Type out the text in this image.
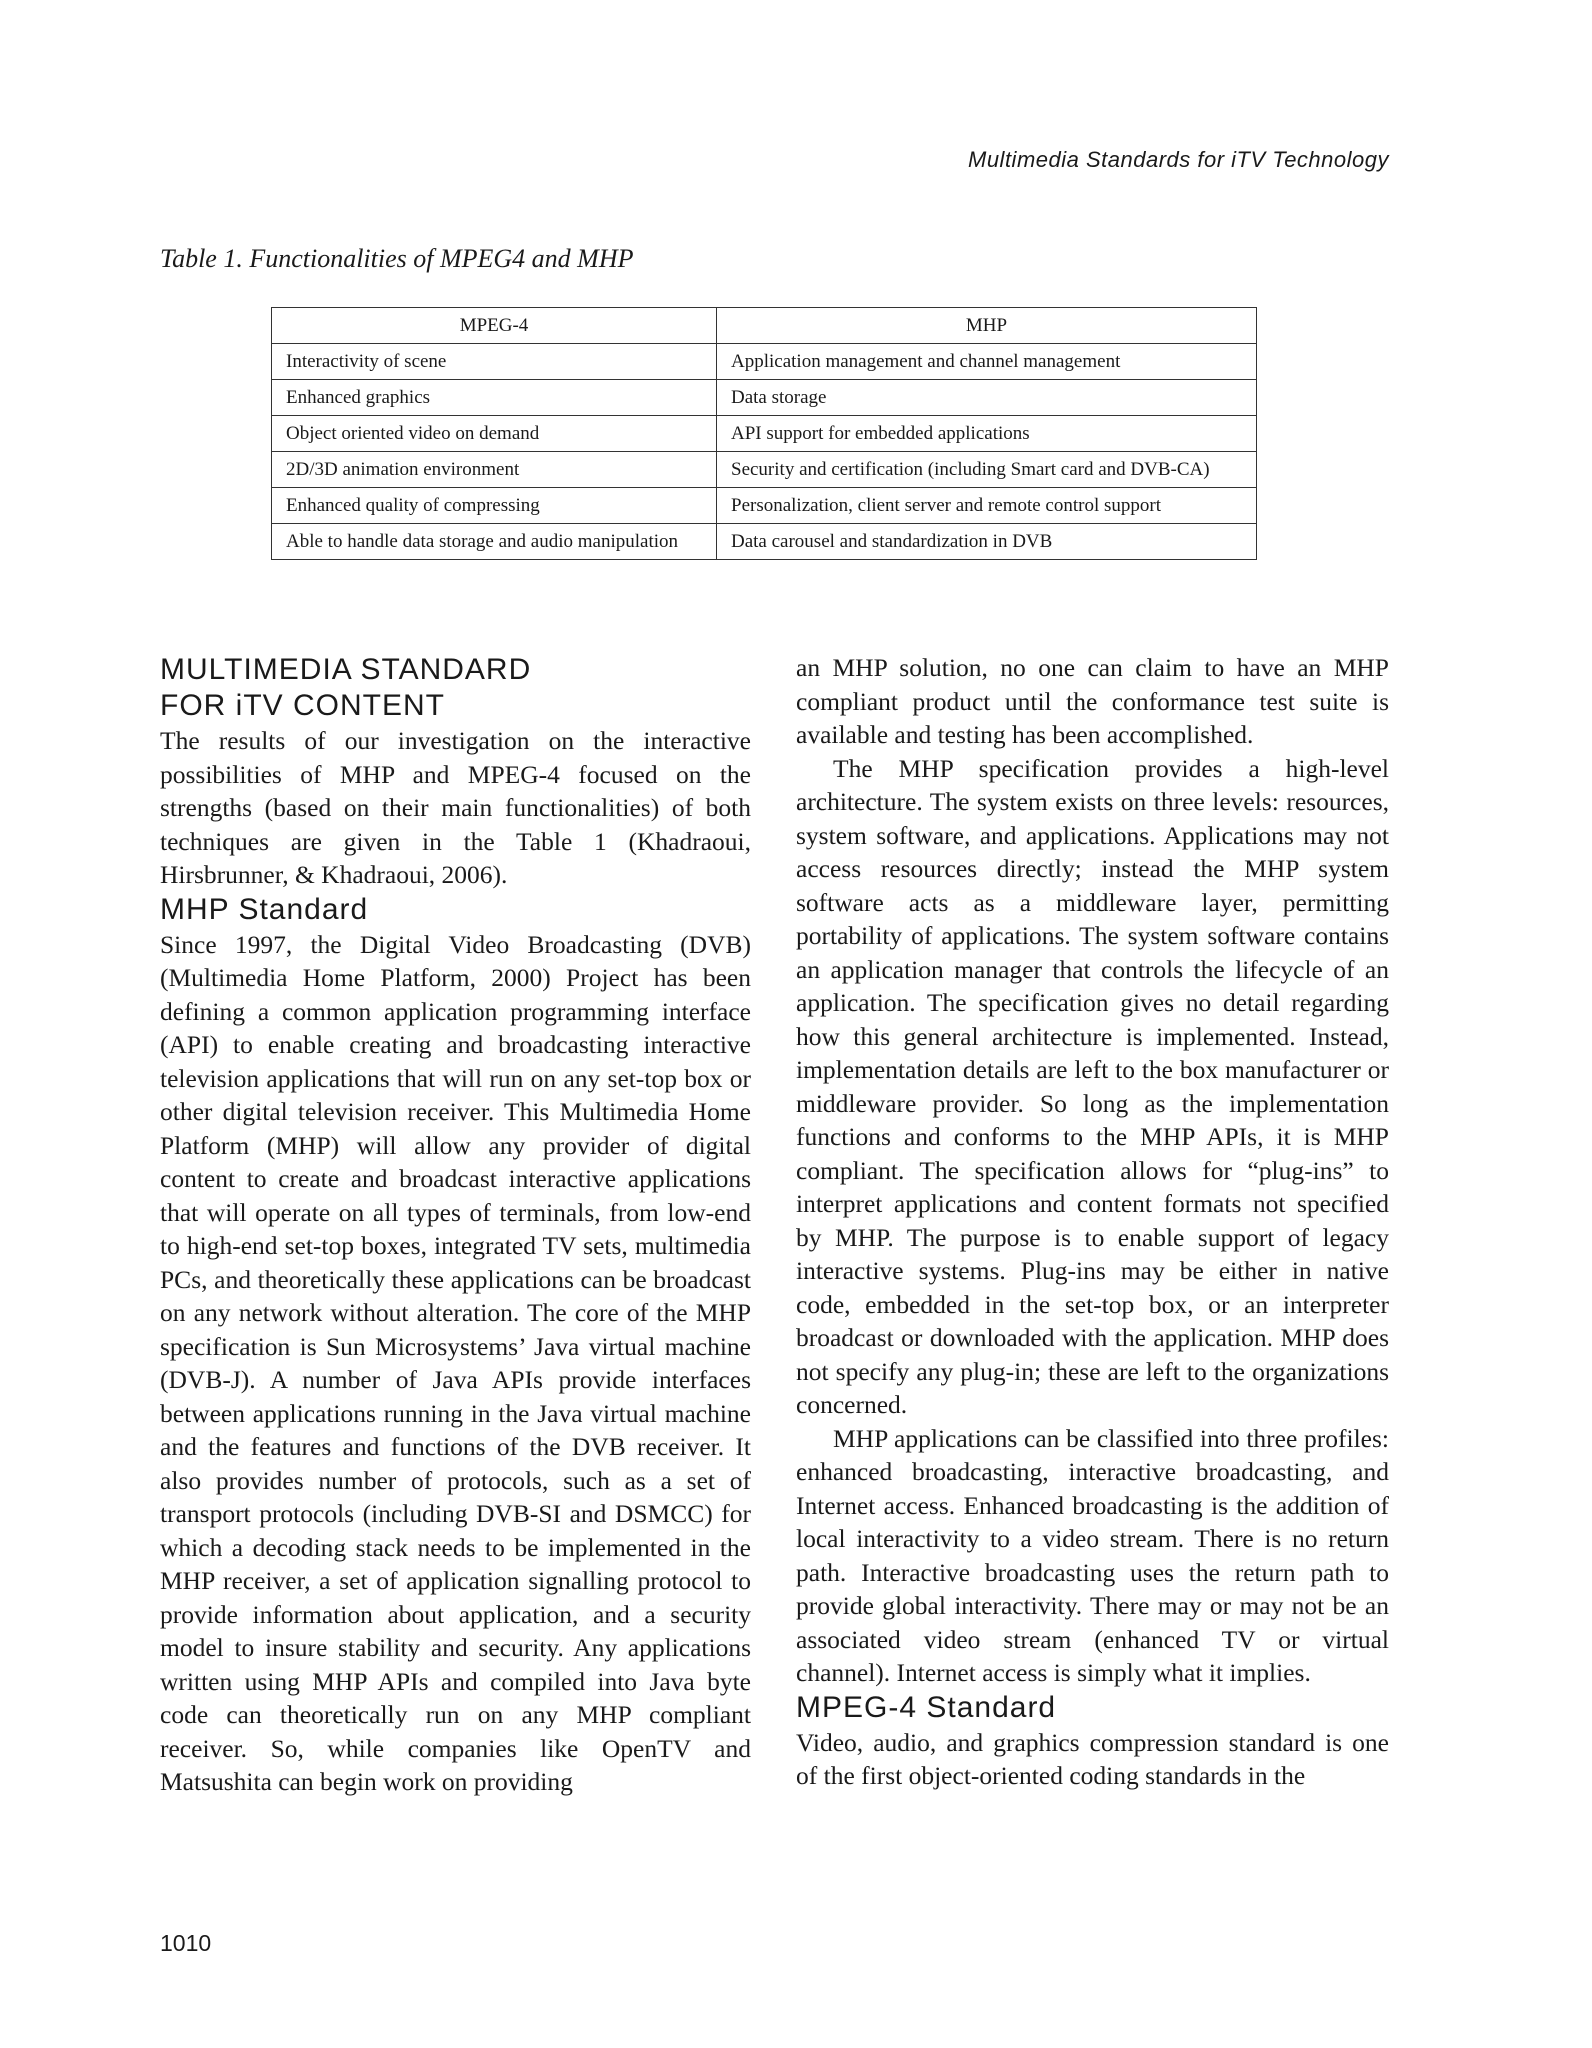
Multimedia Standards for iTV Technology
Table 1. Functionalities of MPEG4 and MHP
MPEG-4	MHP
Interactivity of scene	Application management and channel management
Enhanced graphics	Data storage
Object oriented video on demand	API support for embedded applications
2D/3D animation environment	Security and certification (including Smart card and DVB-CA)
Enhanced quality of compressing	Personalization, client server and remote control support
Able to handle data storage and audio manipulation	Data carousel and standardization in DVB
MULTIMEDIA STANDARD
FOR iTV CONTENT

The results of our investigation on the interactive possibilities of MHP and MPEG-4 focused on the strengths (based on their main functionalities) of both techniques are given in the Table 1 (Khadraoui, Hirsbrunner, & Khadraoui, 2006).

MHP Standard

Since 1997, the Digital Video Broadcasting (DVB) (Multimedia Home Platform, 2000) Project has been defining a common application programming interface (API) to enable creating and broadcasting interactive television applications that will run on any set-top box or other digital television receiver. This Multimedia Home Platform (MHP) will allow any provider of digital content to create and broadcast interactive applications that will operate on all types of terminals, from low-end to high-end set-top boxes, integrated TV sets, multimedia PCs, and theoretically these applications can be broadcast on any network without alteration. The core of the MHP specification is Sun Microsystems’ Java virtual machine (DVB-J). A number of Java APIs provide interfaces between applications running in the Java virtual machine and the features and functions of the DVB receiver. It also provides number of protocols, such as a set of transport protocols (including DVB-SI and DSMCC) for which a decoding stack needs to be implemented in the MHP receiver, a set of application signalling protocol to provide information about application, and a security model to insure stability and security. Any applications written using MHP APIs and compiled into Java byte code can theoretically run on any MHP compliant receiver. So, while companies like OpenTV and Matsushita can begin work on providing

an MHP solution, no one can claim to have an MHP compliant product until the conformance test suite is available and testing has been accomplished.

The MHP specification provides a high-level architecture. The system exists on three levels: resources, system software, and applications. Applications may not access resources directly; instead the MHP system software acts as a middleware layer, permitting portability of applications. The system software contains an application manager that controls the lifecycle of an application. The specification gives no detail regarding how this general architecture is implemented. Instead, implementation details are left to the box manufacturer or middleware provider. So long as the implementation functions and conforms to the MHP APIs, it is MHP compliant. The specification allows for “plug-ins” to interpret applications and content formats not specified by MHP. The purpose is to enable support of legacy interactive systems. Plug-ins may be either in native code, embedded in the set-top box, or an interpreter broadcast or downloaded with the application. MHP does not specify any plug-in; these are left to the organizations concerned.

MHP applications can be classified into three profiles: enhanced broadcasting, interactive broadcasting, and Internet access. Enhanced broadcasting is the addition of local interactivity to a video stream. There is no return path. Interactive broadcasting uses the return path to provide global interactivity. There may or may not be an associated video stream (enhanced TV or virtual channel). Internet access is simply what it implies.

MPEG-4 Standard

Video, audio, and graphics compression standard is one of the first object-oriented coding standards in the

1010
